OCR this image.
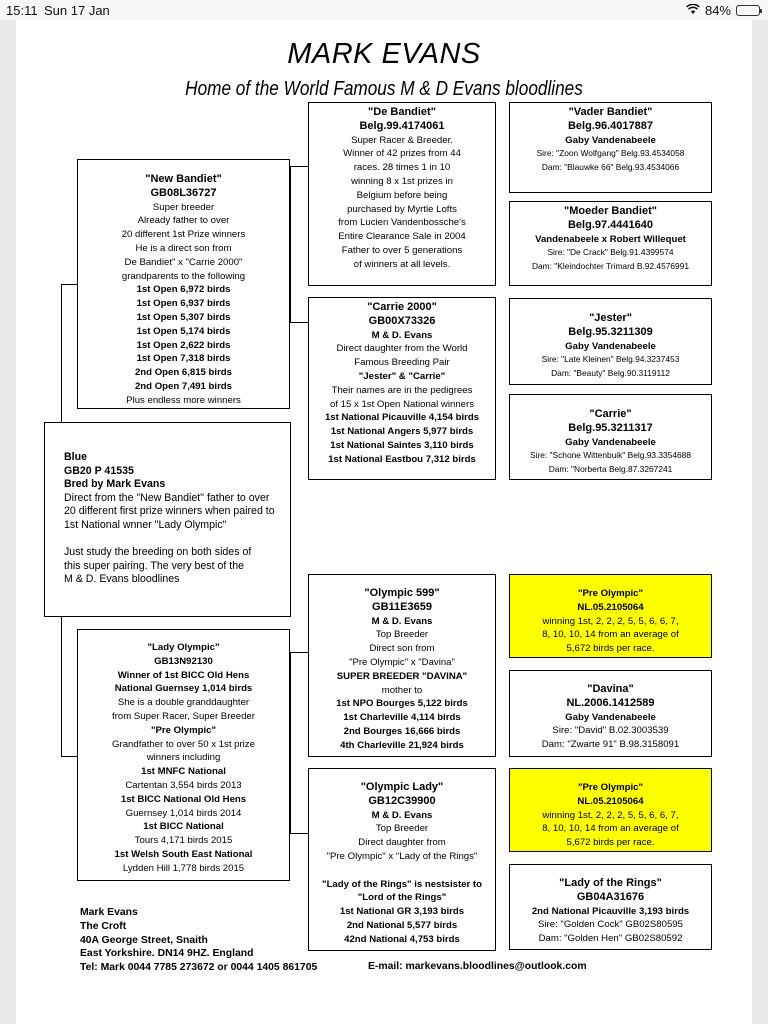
15:11 Sun 17 Jan	84%
MARK EVANS
Home of the World Famous M & D Evans bloodlines
"De Bandiet"
Belg.99.4174061
Super Racer & Breeder.
Winner of 42 prizes from 44
races. 28 times 1 in 10
winning 8 x 1st prizes in
Belgium before being
purchased by Myrtle Lofts
from Lucien Vandenbossche's
Entire Clearance Sale in 2004
Father to over 5 generations
of winners at all levels.
"Vader Bandiet"
Belg.96.4017887
Gaby Vandenabeele
Sire: "Zoon Wolfgang" Belg.93.4534058
Dam: "Blauwke 66" Belg.93.4534066
"Moeder Bandiet"
Belg.97.4441640
Vandenabeele x Robert Willequet
Sire: "De Crack" Belg.91.4399574
Dam: "Kleindochter Trimard B.92.4576991
"New Bandiet"
GB08L36727
Super breeder
Already father to over
20 different 1st Prize winners
He is a direct son from
De Bandiet" x "Carrie 2000"
grandparents to the following
1st Open 6,972 birds
1st Open 6,937 birds
1st Open 5,307 birds
1st Open 5,174 birds
1st Open 2,622 birds
1st Open 7,318 birds
2nd Open 6,815 birds
2nd Open 7,491 birds
Plus endless more winners
"Carrie 2000"
GB00X73326
M & D. Evans
Direct daughter from the World
Famous Breeding Pair
"Jester" & "Carrie"
Their names are in the pedigrees
of 15 x 1st Open National winners
1st National Picauville 4,154 birds
1st National Angers 5,977 birds
1st National Saintes 3,110 birds
1st National Eastbou 7,312 birds
"Jester"
Belg.95.3211309
Gaby Vandenabeele
Sire: "Late Kleinen" Belg.94.3237453
Dam: "Beauty" Belg.90.3119112
"Carrie"
Belg.95.3211317
Gaby Vandenabeele
Sire: "Schone Wittenbuik" Belg.93.3354688
Dam: "Norberta Belg.87.3267241
Blue
GB20 P 41535
Bred by Mark Evans
Direct from the "New Bandiet" father to over
20 different first prize winners when paired to
1st National wnner "Lady Olympic"

Just study the breeding on both sides of
this super pairing. The very best of the
M & D. Evans bloodlines
"Olympic 599"
GB11E3659
M & D. Evans
Top Breeder
Direct son from
"Pre Olympic" x "Davina"
SUPER BREEDER "DAVINA"
mother to
1st NPO Bourges 5,122 birds
1st Charleville 4,114 birds
2nd Bourges 16,666 birds
4th Charleville 21,924 birds
"Pre Olympic"
NL.05.2105064
winning 1st, 2, 2, 2, 5, 5, 6, 6, 7,
8, 10, 10, 14 from an average of
5,672 birds per race.
"Davina"
NL.2006.1412589
Gaby Vandenabeele
Sire: "David" B.02.3003539
Dam: "Zwarte 91" B.98.3158091
"Lady Olympic"
GB13N92130
Winner of 1st BICC Old Hens
National Guernsey 1,014 birds
She is a double granddaughter
from Super Racer, Super Breeder
"Pre Olympic"
Grandfather to over 50 x 1st prize
winners including
1st MNFC National
Cartentan 3,554 birds 2013
1st BICC National Old Hens
Guernsey 1,014 birds 2014
1st BICC National
Tours 4,171 birds 2015
1st Welsh South East National
Lydden Hill 1,778 birds 2015
"Olympic Lady"
GB12C39900
M & D. Evans
Top Breeder
Direct daughter from
"Pre Olympic" x "Lady of the Rings"

"Lady of the Rings" is nestsister to
"Lord of the Rings"
1st National GR 3,193 birds
2nd National 5,577 birds
42nd National 4,753 birds
"Pre Olympic"
NL.05.2105064
winning 1st, 2, 2, 2, 5, 5, 6, 6, 7,
8, 10, 10, 14 from an average of
5,672 birds per race.
"Lady of the Rings"
GB04A31676
2nd National Picauville 3,193 birds
Sire: "Golden Cock" GB02S80595
Dam: "Golden Hen" GB02S80592
Mark Evans
The Croft
40A George Street, Snaith
East Yorkshire. DN14 9HZ. England
Tel: Mark 0044 7785 273672 or 0044 1405 861705	E-mail: markevans.bloodlines@outlook.com
